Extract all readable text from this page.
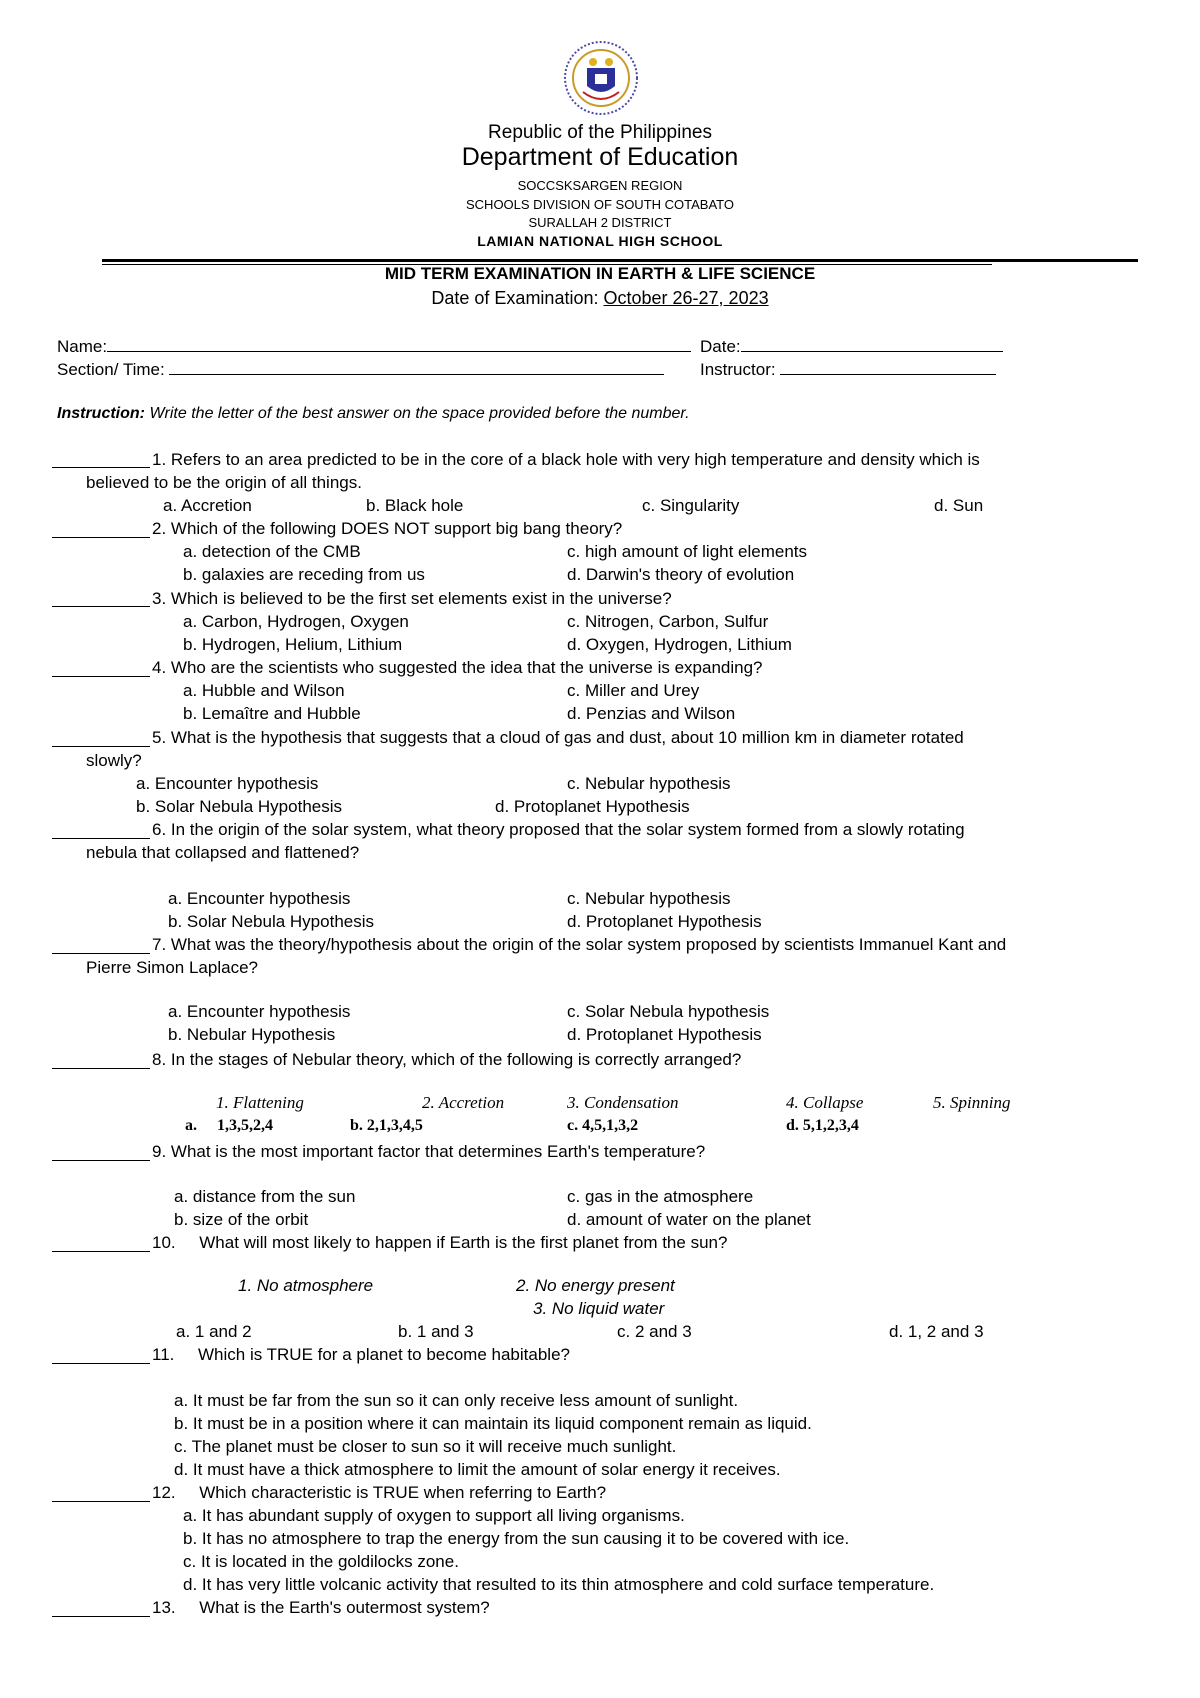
Republic of the Philippines
Department of Education
SOCCSKSARGEN REGION
SCHOOLS DIVISION OF SOUTH COTABATO
SURALLAH 2 DISTRICT
LAMIAN NATIONAL HIGH SCHOOL
MID TERM EXAMINATION IN EARTH & LIFE SCIENCE
Date of Examination: October 26-27, 2023
Name:	Date:
Section/ Time:	Instructor:
Instruction: Write the letter of the best answer on the space provided before the number.
1. Refers to an area predicted to be in the core of a black hole with very high temperature and density which is
believed to be the origin of all things.
a. Accretion	b. Black hole	c. Singularity	d. Sun
2. Which of the following DOES NOT support big bang theory?
a. detection of the CMB	c. high amount of light elements
b. galaxies are receding from us	d. Darwin's theory of evolution
3. Which is believed to be the first set elements exist in the universe?
a. Carbon, Hydrogen, Oxygen	c. Nitrogen, Carbon, Sulfur
b. Hydrogen, Helium, Lithium	d. Oxygen, Hydrogen, Lithium
4. Who are the scientists who suggested the idea that the universe is expanding?
a. Hubble and Wilson	c. Miller and Urey
b. Lemaître and Hubble	d. Penzias and Wilson
5. What is the hypothesis that suggests that a cloud of gas and dust, about 10 million km in diameter rotated
slowly?
a. Encounter hypothesis	c. Nebular hypothesis
b. Solar Nebula Hypothesis	d. Protoplanet Hypothesis
6. In the origin of the solar system, what theory proposed that the solar system formed from a slowly rotating
nebula that collapsed and flattened?
a. Encounter hypothesis	c. Nebular hypothesis
b. Solar Nebula Hypothesis	d. Protoplanet Hypothesis
7. What was the theory/hypothesis about the origin of the solar system proposed by scientists Immanuel Kant and
Pierre Simon Laplace?
a. Encounter hypothesis	c. Solar Nebula hypothesis
b. Nebular Hypothesis	d. Protoplanet Hypothesis
8. In the stages of Nebular theory, which of the following is correctly arranged?
1. Flattening	2. Accretion	3. Condensation	4. Collapse	5. Spinning
a.     1,3,5,2,4	b. 2,1,3,4,5	c. 4,5,1,3,2	d. 5,1,2,3,4
9. What is the most important factor that determines Earth's temperature?
a. distance from the sun	c. gas in the atmosphere
b. size of the orbit	d. amount of water on the planet
10.     What will most likely to happen if Earth is the first planet from the sun?
1. No atmosphere	2. No energy present
3. No liquid water
a. 1 and 2	b. 1 and 3	c. 2 and 3	d. 1, 2 and 3
11.     Which is TRUE for a planet to become habitable?
a. It must be far from the sun so it can only receive less amount of sunlight.
b. It must be in a position where it can maintain its liquid component remain as liquid.
c. The planet must be closer to sun so it will receive much sunlight.
d. It must have a thick atmosphere to limit the amount of solar energy it receives.
12.     Which characteristic is TRUE when referring to Earth?
a. It has abundant supply of oxygen to support all living organisms.
b. It has no atmosphere to trap the energy from the sun causing it to be covered with ice.
c. It is located in the goldilocks zone.
d. It has very little volcanic activity that resulted to its thin atmosphere and cold surface temperature.
13.     What is the Earth's outermost system?
